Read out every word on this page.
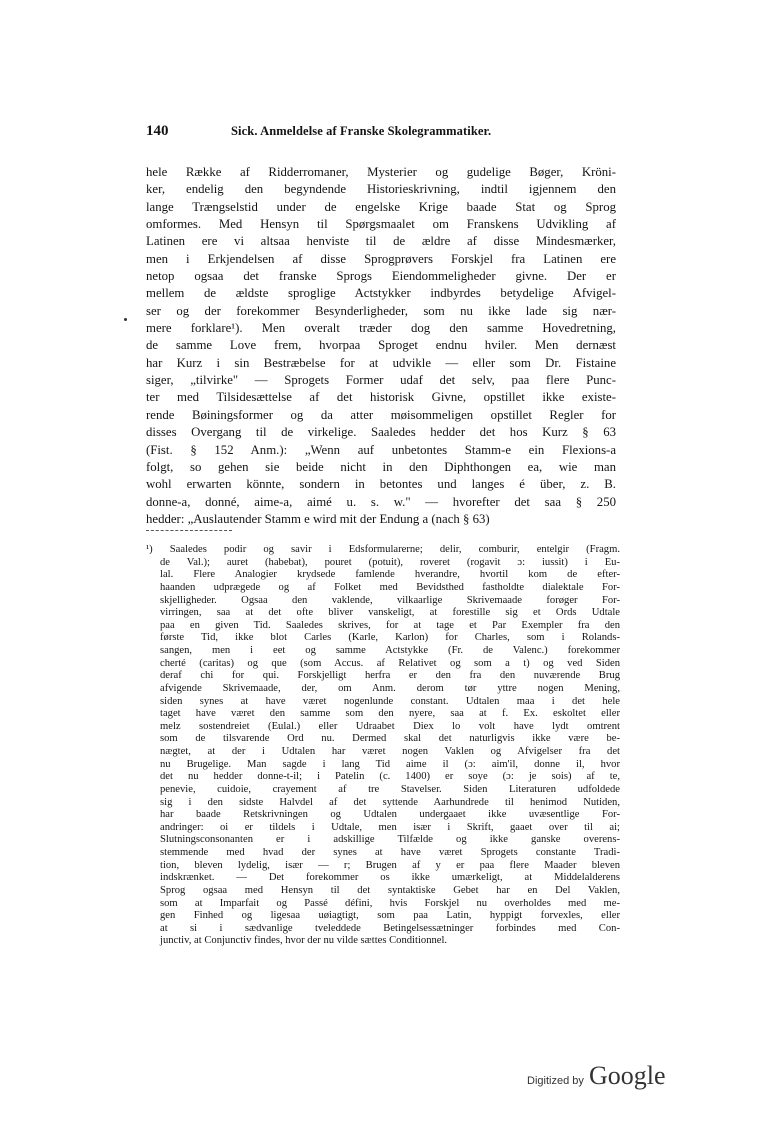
140	Sick. Anmeldelse af Franske Skolegrammatiker.
hele Række af Ridderromaner, Mysterier og gudelige Bøger, Kröni-
ker, endelig den begyndende Historieskrivning, indtil igjennem den
lange Trængselstid under de engelske Krige baade Stat og Sprog
omformes. Med Hensyn til Spørgsmaalet om Franskens Udvikling af
Latinen ere vi altsaa henviste til de ældre af disse Mindesmærker,
men i Erkjendelsen af disse Sprogprøvers Forskjel fra Latinen ere
netop ogsaa det franske Sprogs Eiendommeligheder givne. Der er
mellem de ældste sproglige Actstykker indbyrdes betydelige Afvigel-
ser og der forekommer Besynderligheder, som nu ikke lade sig nær-
mere forklare¹). Men overalt træder dog den samme Hovedretning,
de samme Love frem, hvorpaa Sproget endnu hviler. Men dernæst
har Kurz i sin Bestræbelse for at udvikle — eller som Dr. Fistaine
siger, „tilvirke" — Sprogets Former udaf det selv, paa flere Punc-
ter med Tilsidesættelse af det historisk Givne, opstillet ikke existe-
rende Bøiningsformer og da atter møisommeligen opstillet Regler for
disses Overgang til de virkelige. Saaledes hedder det hos Kurz § 63
(Fist. § 152 Anm.): „Wenn auf unbetontes Stamm-e ein Flexions-a
folgt, so gehen sie beide nicht in den Diphthongen ea, wie man
wohl erwarten könnte, sondern in betontes und langes é über, z. B.
donne-a, donné, aime-a, aimé u. s. w." — hvorefter det saa § 250
hedder: „Auslautender Stamm e wird mit der Endung a (nach § 63)
¹) Saaledes podir og savir i Edsformularerne; delir, comburir, entelgir (Fragm.
de Val.); auret (habebat), pouret (potuit), roveret (rogavit ɔ: iussit) i Eu-
lal. Flere Analogier krydsede famlende hverandre, hvortil kom de efter-
haanden udprægede og af Folket med Bevidsthed fastholdte dialektale For-
skjelligheder. Ogsaa den vaklende, vilkaarlige Skrivemaade forøger For-
virringen, saa at det ofte bliver vanskeligt, at forestille sig et Ords Udtale
paa en given Tid. Saaledes skrives, for at tage et Par Exempler fra den
første Tid, ikke blot Carles (Karle, Karlon) for Charles, som i Rolands-
sangen, men i eet og samme Actstykke (Fr. de Valenc.) forekommer
cherté (caritas) og que (som Accus. af Relativet og som a t) og ved Siden
deraf chi for qui. Forskjelligt herfra er den fra den nuværende Brug
afvigende Skrivemaade, der, om Anm. derom tør yttre nogen Mening,
siden synes at have været nogenlunde constant. Udtalen maa i det hele
taget have været den samme som den nyere, saa at f. Ex. eskoltet eller
melz sostendreiet (Eulal.) eller Udraabet Diex lo volt have lydt omtrent
som de tilsvarende Ord nu. Dermed skal det naturligvis ikke være be-
nægtet, at der i Udtalen har været nogen Vaklen og Afvigelser fra det
nu Brugelige. Man sagde i lang Tid aime il (ɔ: aim'il, donne il, hvor
det nu hedder donne-t-il; i Patelin (c. 1400) er soye (ɔ: je sois) af te,
penevie, cuidoie, crayement af tre Stavelser. Siden Literaturen udfoldede
sig i den sidste Halvdel af det syttende Aarhundrede til henimod Nutiden,
har baade Retskrivningen og Udtalen undergaaet ikke uvæsentlige For-
andringer: oi er tildels i Udtale, men især i Skrift, gaaet over til ai;
Slutningsconsonanten er i adskillige Tilfælde og ikke ganske overens-
stemmende med hvad der synes at have været Sprogets constante Tradi-
tion, bleven lydelig, især — r; Brugen af y er paa flere Maader bleven
indskrænket. — Det forekommer os ikke umærkeligt, at Middelalderens
Sprog ogsaa med Hensyn til det syntaktiske Gebet har en Del Vaklen,
som at Imparfait og Passé défini, hvis Forskjel nu overholdes med me-
gen Finhed og ligesaa uøiagtigt, som paa Latin, hyppigt forvexles, eller
at si i sædvanlige tveleddede Betingelsessætninger forbindes med Con-
junctiv, at Conjunctiv findes, hvor der nu vilde sættes Conditionnel.
Digitized by Google
